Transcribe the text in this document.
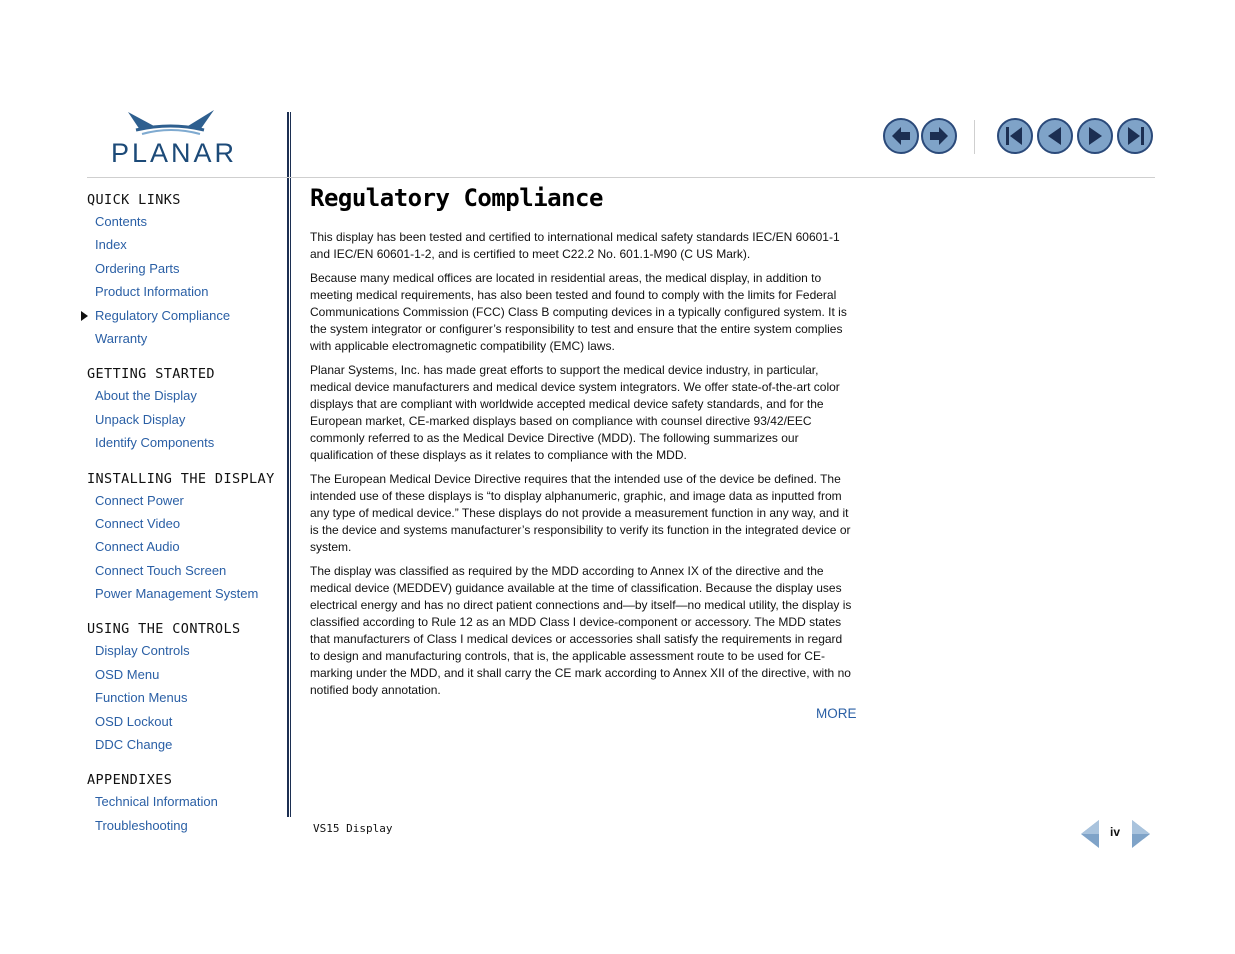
PLANAR
QUICK LINKS
Contents
Index
Ordering Parts
Product Information
Regulatory Compliance
Warranty
GETTING STARTED
About the Display
Unpack Display
Identify Components
INSTALLING THE DISPLAY
Connect Power
Connect Video
Connect Audio
Connect Touch Screen
Power Management System
USING THE CONTROLS
Display Controls
OSD Menu
Function Menus
OSD Lockout
DDC Change
APPENDIXES
Technical Information
Troubleshooting
Regulatory Compliance

This display has been tested and certified to international medical safety standards IEC/EN 60601-1 and IEC/EN 60601-1-2, and is certified to meet C22.2 No. 601.1-M90 (C US Mark).

Because many medical offices are located in residential areas, the medical display, in addition to meeting medical requirements, has also been tested and found to comply with the limits for Federal Communications Commission (FCC) Class B computing devices in a typically configured system. It is the system integrator or configurer’s responsibility to test and ensure that the entire system complies with applicable electromagnetic compatibility (EMC) laws.

Planar Systems, Inc. has made great efforts to support the medical device industry, in particular, medical device manufacturers and medical device system integrators. We offer state-of-the-art color displays that are compliant with worldwide accepted medical device safety standards, and for the European market, CE-marked displays based on compliance with counsel directive 93/42/EEC commonly referred to as the Medical Device Directive (MDD). The following summarizes our qualification of these displays as it relates to compliance with the MDD.

The European Medical Device Directive requires that the intended use of the device be defined. The intended use of these displays is “to display alphanumeric, graphic, and image data as inputted from any type of medical device.” These displays do not provide a measurement function in any way, and it is the device and systems manufacturer’s responsibility to verify its function in the integrated device or system.

The display was classified as required by the MDD according to Annex IX of the directive and the medical device (MEDDEV) guidance available at the time of classification. Because the display uses electrical energy and has no direct patient connections and—by itself—no medical utility, the display is classified according to Rule 12 as an MDD Class I device-component or accessory. The MDD states that manufacturers of Class I medical devices or accessories shall satisfy the requirements in regard to design and manufacturing controls, that is, the applicable assessment route to be used for CE-marking under the MDD, and it shall carry the CE mark according to Annex XII of the directive, with no notified body annotation.

MORE
VS15 Display	iv
